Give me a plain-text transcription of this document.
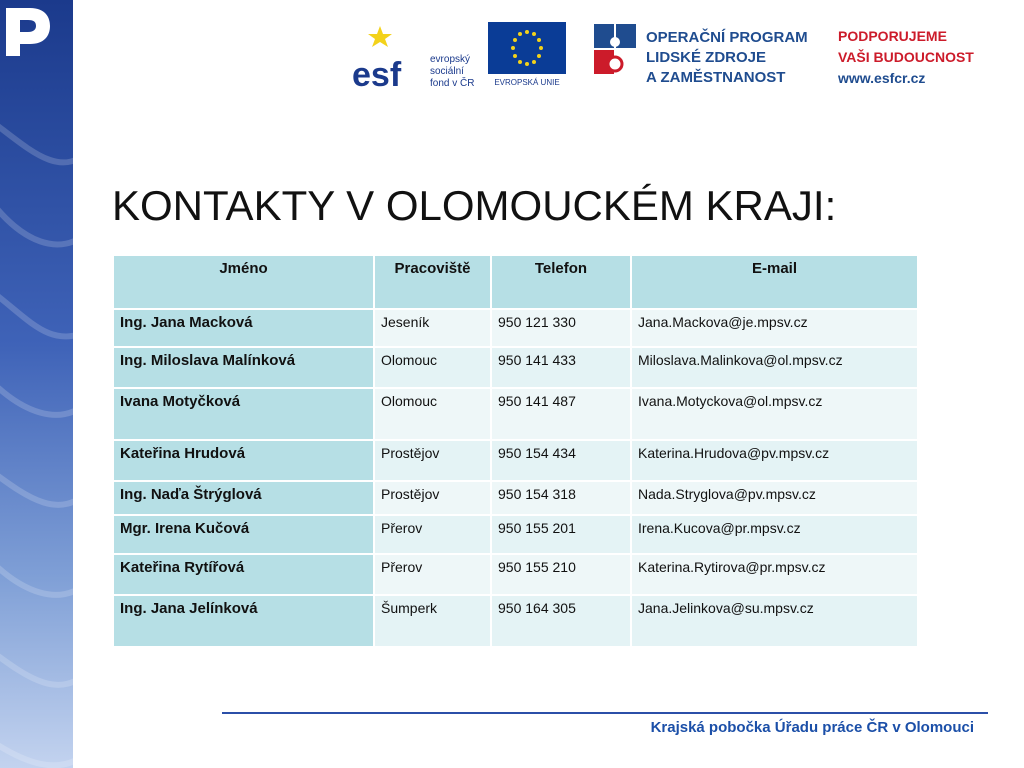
esf	evropský
sociální
fond v ČR	EVROPSKÁ UNIE
OPERAČNÍ PROGRAM
LIDSKÉ ZDROJE
A ZAMĚSTNANOST
PODPORUJEME
VAŠI BUDOUCNOST
www.esfcr.cz
KONTAKTY V OLOMOUCKÉM KRAJI:
Jméno	Pracoviště	Telefon	E-mail
Ing. Jana Macková	Jeseník	950 121 330	Jana.Mackova@je.mpsv.cz
Ing. Miloslava Malínková	Olomouc	950 141 433	Miloslava.Malinkova@ol.mpsv.cz
Ivana Motyčková	Olomouc	950 141 487	Ivana.Motyckova@ol.mpsv.cz
Kateřina Hrudová	Prostějov	950 154 434	Katerina.Hrudova@pv.mpsv.cz
Ing. Naďa Štrýglová	Prostějov	950 154 318	Nada.Stryglova@pv.mpsv.cz
Mgr. Irena Kučová	Přerov	950 155 201	Irena.Kucova@pr.mpsv.cz
Kateřina Rytířová	Přerov	950 155 210	Katerina.Rytirova@pr.mpsv.cz
Ing. Jana Jelínková	Šumperk	950 164 305	Jana.Jelinkova@su.mpsv.cz
Krajská pobočka Úřadu práce ČR v Olomouci
